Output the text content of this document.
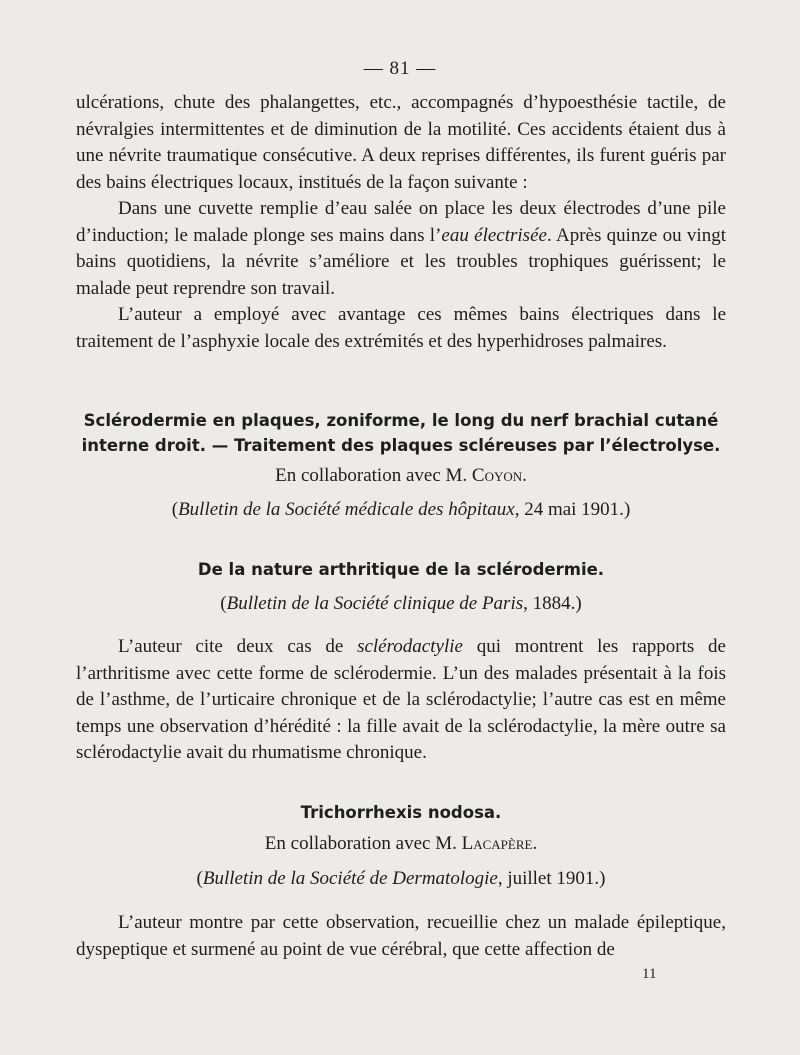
— 81 —

ulcérations, chute des phalangettes, etc., accompagnés d’hypoesthésie tactile, de névralgies intermittentes et de diminution de la motilité. Ces accidents étaient dus à une névrite traumatique consécutive. A deux reprises différentes, ils furent guéris par des bains électriques locaux, institués de la façon suivante :

Dans une cuvette remplie d’eau salée on place les deux électrodes d’une pile d’induction; le malade plonge ses mains dans l’eau électrisée. Après quinze ou vingt bains quotidiens, la névrite s’améliore et les troubles trophiques guérissent; le malade peut reprendre son travail.

L’auteur a employé avec avantage ces mêmes bains électriques dans le traitement de l’asphyxie locale des extrémités et des hyperhidroses palmaires.

Sclérodermie en plaques, zoniforme, le long du nerf brachial cutané interne droit. — Traitement des plaques scléreuses par l’électrolyse.
En collaboration avec M. Coyon.
(Bulletin de la Société médicale des hôpitaux, 24 mai 1901.)
De la nature arthritique de la sclérodermie.
(Bulletin de la Société clinique de Paris, 1884.)

L’auteur cite deux cas de sclérodactylie qui montrent les rapports de l’arthritisme avec cette forme de sclérodermie. L’un des malades présentait à la fois de l’asthme, de l’urticaire chronique et de la sclérodactylie; l’autre cas est en même temps une observation d’hérédité : la fille avait de la sclérodactylie, la mère outre sa sclérodactylie avait du rhumatisme chronique.

Trichorrhexis nodosa.
En collaboration avec M. Lacapère.
(Bulletin de la Société de Dermatologie, juillet 1901.)

L’auteur montre par cette observation, recueillie chez un malade épileptique, dyspeptique et surmené au point de vue cérébral, que cette affection de

11
